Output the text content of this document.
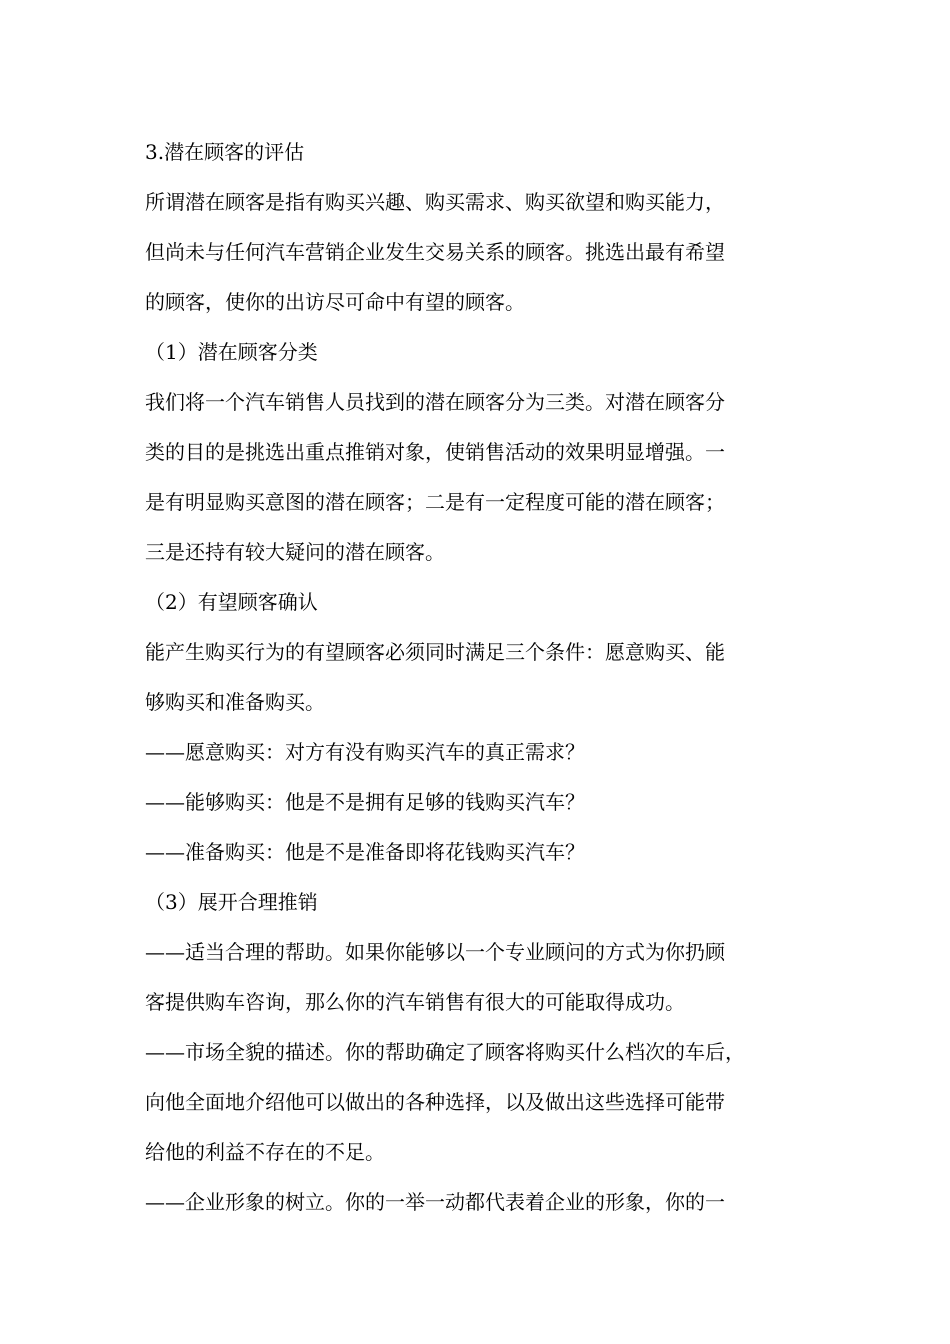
3.潜在顾客的评估
所谓潜在顾客是指有购买兴趣、购买需求、购买欲望和购买能力，
但尚未与任何汽车营销企业发生交易关系的顾客。挑选出最有希望
的顾客，使你的出访尽可命中有望的顾客。
（1）潜在顾客分类
我们将一个汽车销售人员找到的潜在顾客分为三类。对潜在顾客分
类的目的是挑选出重点推销对象，使销售活动的效果明显增强。一
是有明显购买意图的潜在顾客；二是有一定程度可能的潜在顾客；
三是还持有较大疑问的潜在顾客。
（2）有望顾客确认
能产生购买行为的有望顾客必须同时满足三个条件：愿意购买、能
够购买和准备购买。
——愿意购买：对方有没有购买汽车的真正需求？
——能够购买：他是不是拥有足够的钱购买汽车？
——准备购买：他是不是准备即将花钱购买汽车？
（3）展开合理推销
——适当合理的帮助。如果你能够以一个专业顾问的方式为你扔顾
客提供购车咨询，那么你的汽车销售有很大的可能取得成功。
——市场全貌的描述。你的帮助确定了顾客将购买什么档次的车后，
向他全面地介绍他可以做出的各种选择，以及做出这些选择可能带
给他的利益不存在的不足。
——企业形象的树立。你的一举一动都代表着企业的形象，你的一
